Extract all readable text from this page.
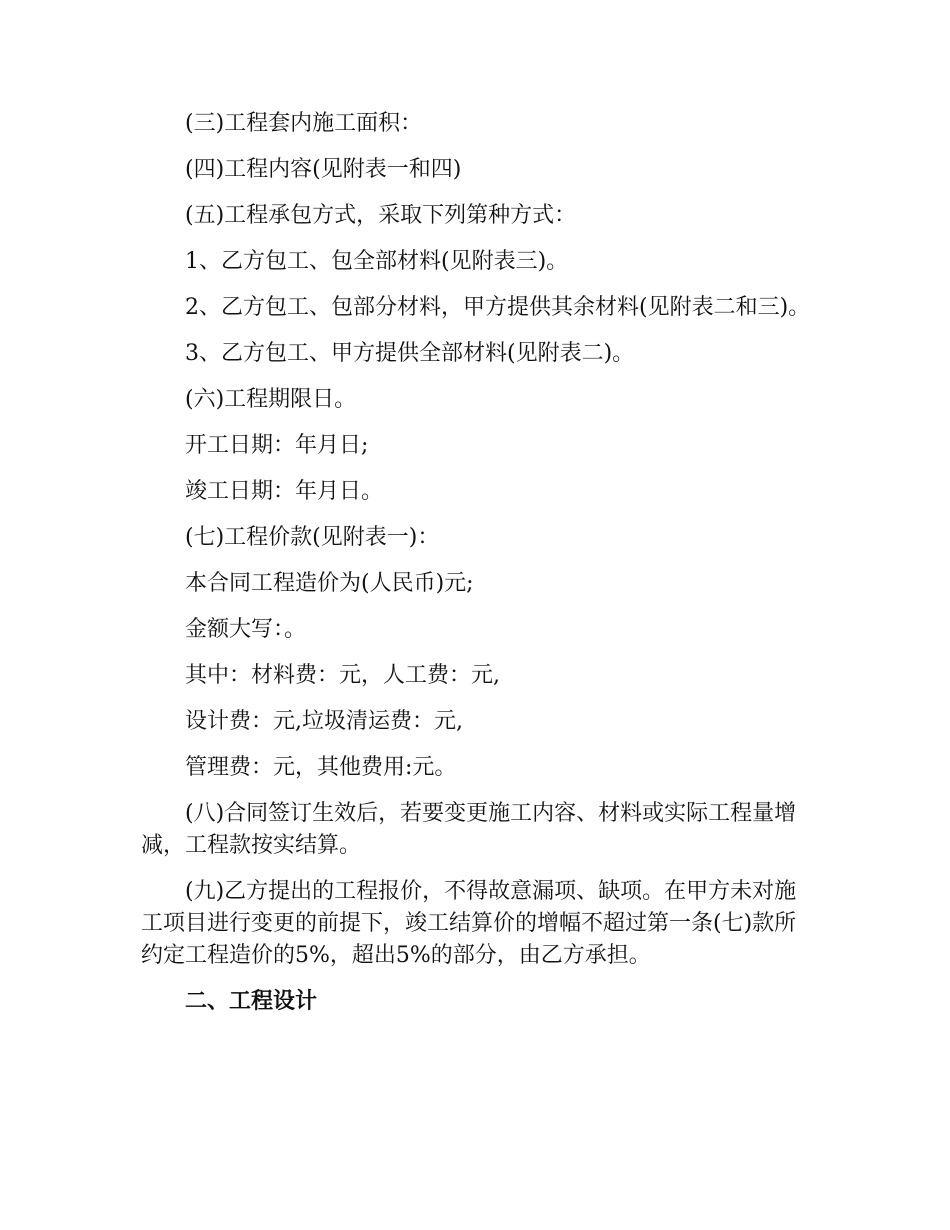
(三)工程套内施工面积：

(四)工程内容(见附表一和四)

(五)工程承包方式，采取下列第种方式：

1、乙方包工、包全部材料(见附表三)。

2、乙方包工、包部分材料，甲方提供其余材料(见附表二和三)。

3、乙方包工、甲方提供全部材料(见附表二)。

(六)工程期限日。

开工日期：年月日;

竣工日期：年月日。

(七)工程价款(见附表一)：

本合同工程造价为(人民币)元;

金额大写：。

其中：材料费：元，人工费：元,

设计费：元,垃圾清运费：元,

管理费：元，其他费用:元。

(八)合同签订生效后，若要变更施工内容、材料或实际工程量增减，工程款按实结算。

(九)乙方提出的工程报价，不得故意漏项、缺项。在甲方未对施工项目进行变更的前提下，竣工结算价的增幅不超过第一条(七)款所约定工程造价的5%，超出5%的部分，由乙方承担。

二、工程设计
